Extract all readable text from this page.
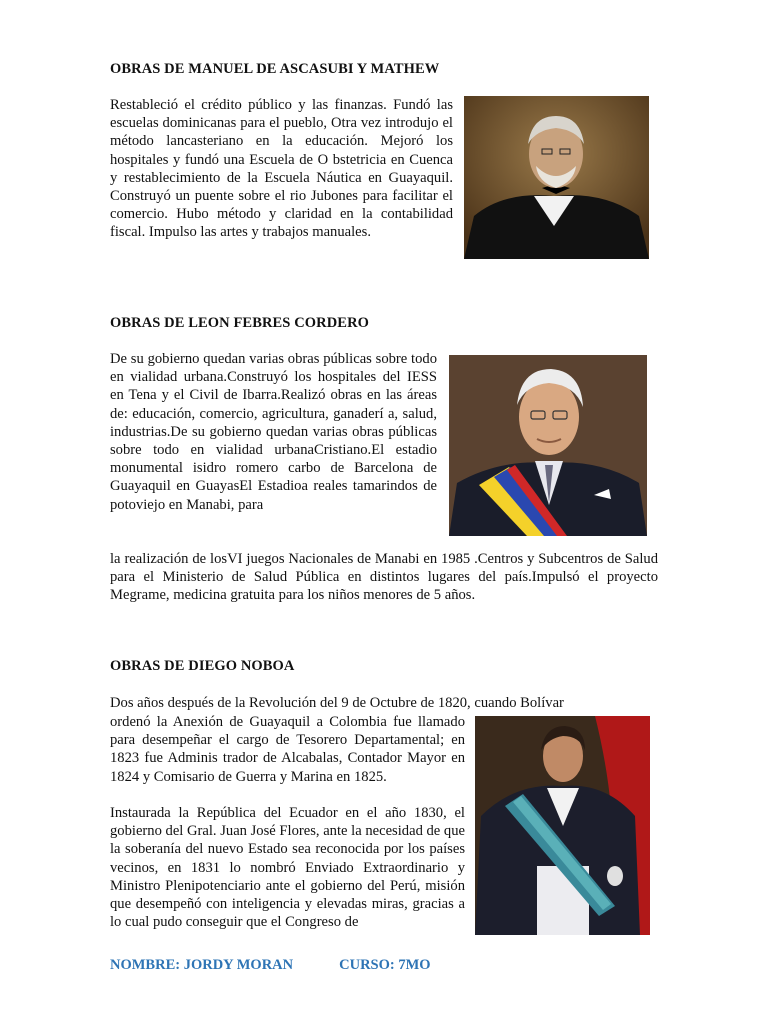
OBRAS DE MANUEL DE ASCASUBI Y MATHEW

Restableció el crédito público y las finanzas. Fundó las escuelas dominicanas para el pueblo, Otra vez introdujo el método lancasteriano en la educación. Mejoró los hospitales y fundó una Escuela de O bstetricia en Cuenca y restablecimiento de la Escuela Náutica en Guayaquil. Construyó un puente sobre el rio Jubones para facilitar el comercio. Hubo método y claridad en la contabilidad fiscal. Impulso las artes y trabajos manuales.

OBRAS DE LEON FEBRES CORDERO

De su gobierno quedan varias obras públicas sobre todo en vialidad urbana.Construyó los hospitales del IESS en Tena y el Civil de Ibarra.Realizó obras en las áreas de: educación, comercio, agricultura, ganaderí a, salud, industrias.De su gobierno quedan varias obras públicas sobre todo en vialidad urbanaCristiano.El estadio monumental isidro romero carbo de Barcelona de Guayaquil en GuayasEl Estadioa reales tamarindos de potoviejo en Manabi, para

la realización de losVI juegos Nacionales de Manabi en 1985 .Centros y Subcentros de Salud para el Ministerio de Salud Pública en distintos lugares del país.Impulsó el proyecto Megrame, medicina gratuita para los niños menores de 5 años.

OBRAS DE DIEGO NOBOA

Dos años después de la Revolución del 9 de Octubre de 1820, cuando Bolívar

ordenó la Anexión de Guayaquil a Colombia fue llamado para desempeñar el cargo de Tesorero Departamental; en 1823 fue Adminis trador de Alcabalas, Contador Mayor en 1824 y Comisario de Guerra y Marina en 1825.

Instaurada la República del Ecuador en el año 1830, el gobierno del Gral. Juan José Flores, ante la necesidad de que la soberanía del nuevo Estado sea reconocida por los países vecinos, en 1831 lo nombró Enviado Extraordinario y Ministro Plenipotenciario ante el gobierno del Perú, misión que desempeñó con inteligencia y elevadas miras, gracias a lo cual pudo conseguir que el Congreso de

NOMBRE: JORDY MORAN	CURSO: 7MO
